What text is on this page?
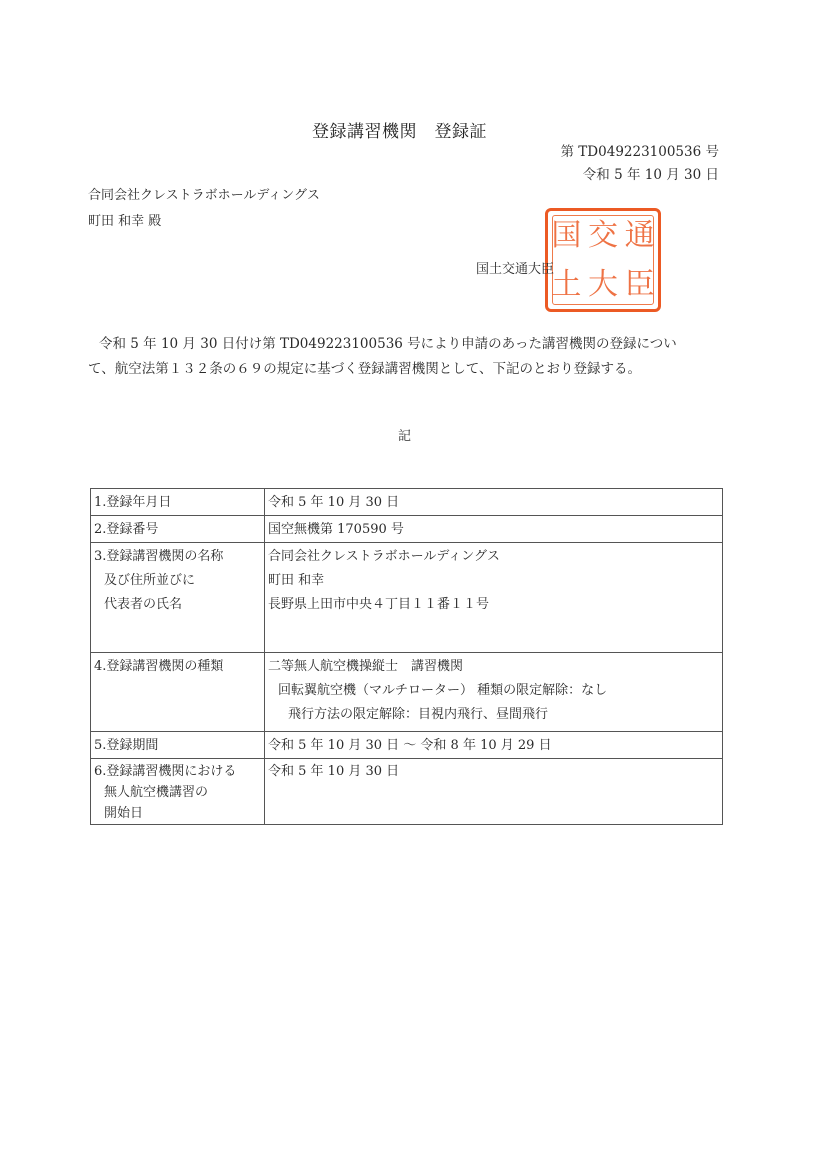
登録講習機関　登録証
第 TD049223100536 号
令和 5 年 10 月 30 日
合同会社クレストラボホールディングス
町田 和幸 殿	国 交 通
土 大 臣
国土交通大臣
令和 5 年 10 月 30 日付け第 TD049223100536 号により申請のあった講習機関の登録につい
て、航空法第１３２条の６９の規定に基づく登録講習機関として、下記のとおり登録する。
記
1.登録年月日	令和 5 年 10 月 30 日

2.登録番号	国空無機第 170590 号

3.登録講習機関の名称
及び住所並びに
代表者の氏名	合同会社クレストラボホールディングス
町田 和幸
長野県上田市中央４丁目１１番１１号

4.登録講習機関の種類	二等無人航空機操縦士　講習機関
回転翼航空機（マルチローター） 種類の限定解除：なし
飛行方法の限定解除：目視内飛行、昼間飛行

5.登録期間	令和 5 年 10 月 30 日 ～ 令和 8 年 10 月 29 日

6.登録講習機関における
無人航空機講習の
開始日	令和 5 年 10 月 30 日
